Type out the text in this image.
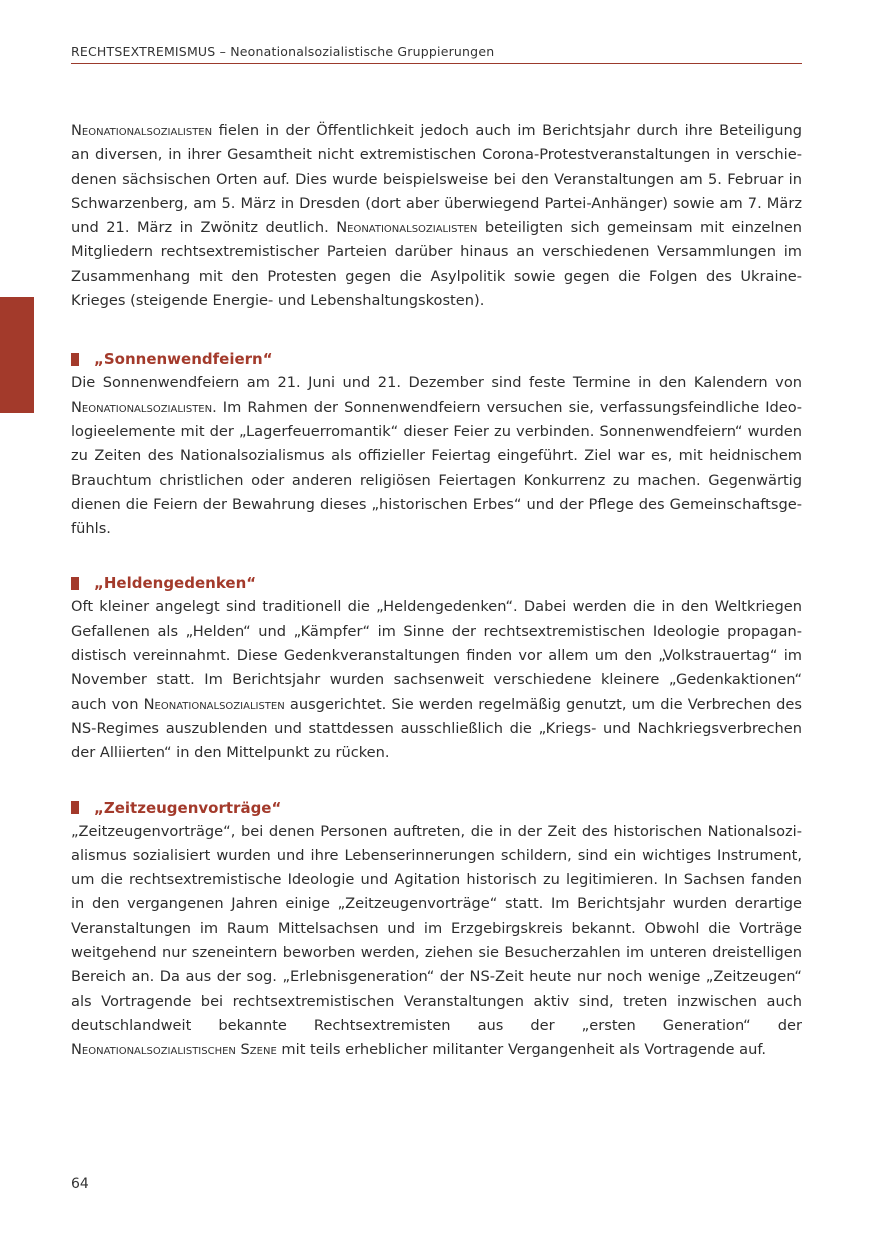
RECHTSEXTREMISMUS – Neonationalsozialistische Gruppierungen

Neonationalsozialisten fielen in der Öffentlichkeit jedoch auch im Berichtsjahr durch ihre Beteiligung an diversen, in ihrer Gesamtheit nicht extremistischen Corona-Protestveranstaltungen in verschiedenen sächsischen Orten auf. Dies wurde beispielsweise bei den Veranstaltungen am 5. Februar in Schwarzenberg, am 5. März in Dresden (dort aber überwiegend Partei-Anhänger) sowie am 7. März und 21. März in Zwönitz deutlich. Neonationalsozialisten beteiligten sich gemeinsam mit einzelnen Mitgliedern rechtsextremistischer Parteien darüber hinaus an verschiedenen Versammlungen im Zusammenhang mit den Protesten gegen die Asylpolitik sowie gegen die Folgen des Ukraine-Krieges (steigende Energie- und Lebenshaltungskosten).

„Sonnenwendfeiern“

Die Sonnenwendfeiern am 21. Juni und 21. Dezember sind feste Termine in den Kalendern von Neonationalsozialisten. Im Rahmen der Sonnenwendfeiern versuchen sie, verfassungsfeindliche Ideologieelemente mit der „Lagerfeuerromantik“ dieser Feier zu verbinden. Sonnenwendfeiern“ wurden zu Zeiten des Nationalsozialismus als offizieller Feiertag eingeführt. Ziel war es, mit heidnischem Brauchtum christlichen oder anderen religiösen Feiertagen Konkurrenz zu machen. Gegenwärtig dienen die Feiern der Bewahrung dieses „historischen Erbes“ und der Pflege des Gemeinschaftsgefühls.

„Heldengedenken“

Oft kleiner angelegt sind traditionell die „Heldengedenken“. Dabei werden die in den Weltkriegen Gefallenen als „Helden“ und „Kämpfer“ im Sinne der rechtsextremistischen Ideologie propagandistisch vereinnahmt. Diese Gedenkveranstaltungen finden vor allem um den „Volkstrauertag“ im November statt. Im Berichtsjahr wurden sachsenweit verschiedene kleinere „Gedenkaktionen“ auch von Neonationalsozialisten ausgerichtet. Sie werden regelmäßig genutzt, um die Verbrechen des NS-Regimes auszublenden und stattdessen ausschließlich die „Kriegs- und Nachkriegsverbrechen der Alliierten“ in den Mittelpunkt zu rücken.

„Zeitzeugenvorträge“

„Zeitzeugenvorträge“, bei denen Personen auftreten, die in der Zeit des historischen Nationalsozialismus sozialisiert wurden und ihre Lebenserinnerungen schildern, sind ein wichtiges Instrument, um die rechtsextremistische Ideologie und Agitation historisch zu legitimieren. In Sachsen fanden in den vergangenen Jahren einige „Zeitzeugenvorträge“ statt. Im Berichtsjahr wurden derartige Veranstaltungen im Raum Mittelsachsen und im Erzgebirgskreis bekannt. Obwohl die Vorträge weitgehend nur szeneintern beworben werden, ziehen sie Besucherzahlen im unteren dreistelligen Bereich an. Da aus der sog. „Erlebnisgeneration“ der NS-Zeit heute nur noch wenige „Zeitzeugen“ als Vortragende bei rechtsextremistischen Veranstaltungen aktiv sind, treten inzwischen auch deutschlandweit bekannte Rechtsextremisten aus der „ersten Generation“ der Neonationalsozialistischen Szene mit teils erheblicher militanter Vergangenheit als Vortragende auf.

64
